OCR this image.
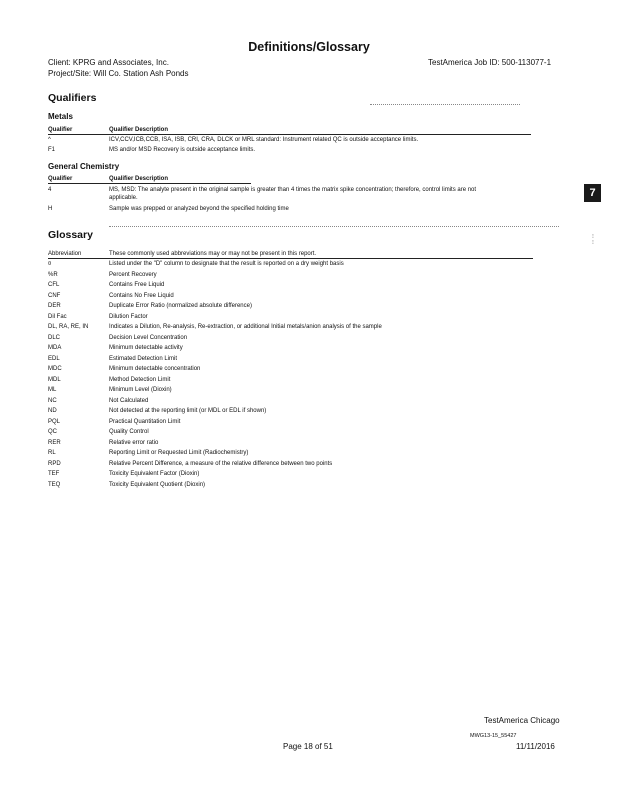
Definitions/Glossary
Client: KPRG and Associates, Inc.
Project/Site: Will Co. Station Ash Ponds
TestAmerica Job ID: 500-113077-1
Qualifiers
Metals
Qualifier	Qualifier Description
^	ICV,CCV,ICB,CCB, ISA, ISB, CRI, CRA, DLCK or MRL standard: Instrument related QC is outside acceptance limits.
F1	MS and/or MSD Recovery is outside acceptance limits.
General Chemistry
Qualifier	Qualifier Description
4	MS, MSD: The analyte present in the original sample is greater than 4 times the matrix spike concentration; therefore, control limits are not
applicable.
H	Sample was prepped or analyzed beyond the specified holding time
7
⁝
⁝
Glossary
Abbreviation	These commonly used abbreviations may or may not be present in this report.
¤	Listed under the "D" column to designate that the result is reported on a dry weight basis
%R	Percent Recovery
CFL	Contains Free Liquid
CNF	Contains No Free Liquid
DER	Duplicate Error Ratio (normalized absolute difference)
Dil Fac	Dilution Factor
DL, RA, RE, IN	Indicates a Dilution, Re-analysis, Re-extraction, or additional Initial metals/anion analysis of the sample
DLC	Decision Level Concentration
MDA	Minimum detectable activity
EDL	Estimated Detection Limit
MDC	Minimum detectable concentration
MDL	Method Detection Limit
ML	Minimum Level (Dioxin)
NC	Not Calculated
ND	Not detected at the reporting limit (or MDL or EDL if shown)
PQL	Practical Quantitation Limit
QC	Quality Control
RER	Relative error ratio
RL	Reporting Limit or Requested Limit (Radiochemistry)
RPD	Relative Percent Difference, a measure of the relative difference between two points
TEF	Toxicity Equivalent Factor (Dioxin)
TEQ	Toxicity Equivalent Quotient (Dioxin)
TestAmerica Chicago
MWG13-15_55427
Page 18 of 51	11/11/2016
